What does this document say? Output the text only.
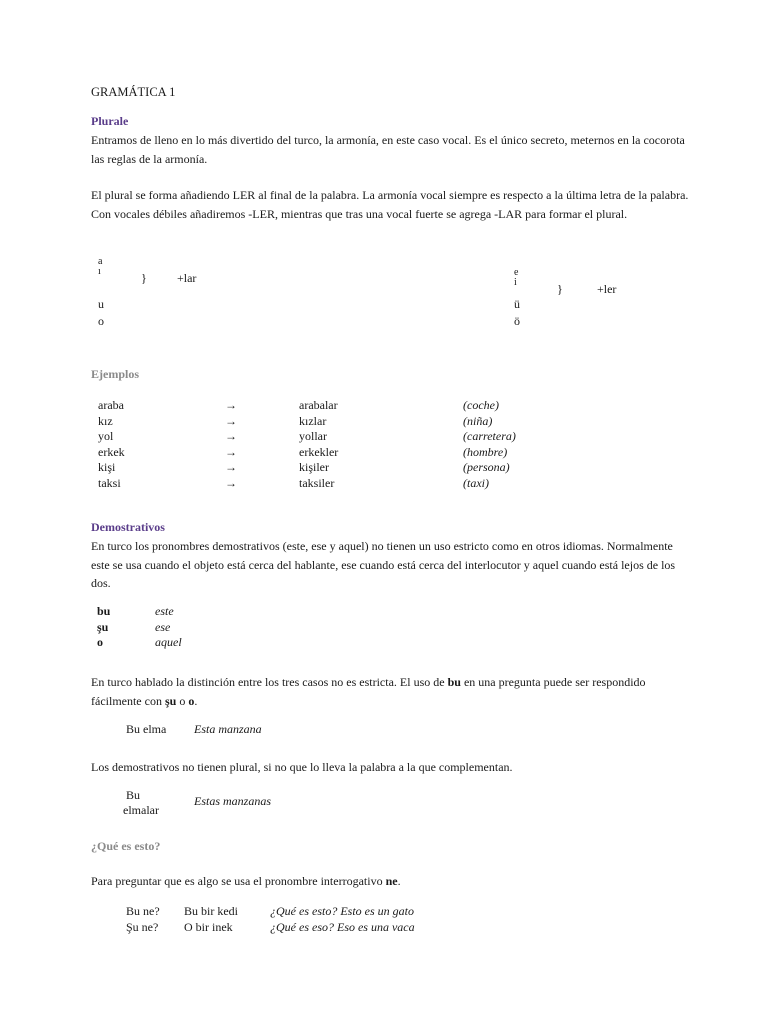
GRAMÁTICA 1
Plurale
Entramos de lleno en lo más divertido del turco, la armonía, en este caso vocal. Es el único secreto, meternos en la cocorota las reglas de la armonía.
El plural se forma añadiendo LER al final de la palabra. La armonía vocal siempre es respecto a la última letra de la palabra. Con vocales débiles añadiremos -LER, mientras que tras una vocal fuerte se agrega -LAR para formar el plural.
a
ı
u
o
}	+lar	e
i
ü
ö
}	+ler
Ejemplos
araba	→	arabalar	(coche)
kız	→	kızlar	(niña)
yol	→	yollar	(carretera)
erkek	→	erkekler	(hombre)
kişi	→	kişiler	(persona)
taksi	→	taksiler	(taxi)
Demostrativos
En turco los pronombres demostrativos (este, ese y aquel) no tienen un uso estricto como en otros idiomas. Normalmente este se usa cuando el objeto está cerca del hablante, ese cuando está cerca del interlocutor y aquel cuando está lejos de los dos.
bu	este
şu	ese
o	aquel
En turco hablado la distinción entre los tres casos no es estricta. El uso de bu en una pregunta puede ser respondido fácilmente con şu o o.
Bu elma Esta manzana
Los demostrativos no tienen plural, si no que lo lleva la palabra a la que complementan.
Bu
elmalar
Estas manzanas
¿Qué es esto?
Para preguntar que es algo se usa el pronombre interrogativo ne.
Bu ne?	Bu bir kedi	¿Qué es esto? Esto es un gato
Şu ne?	O bir inek	¿Qué es eso? Eso es una vaca
